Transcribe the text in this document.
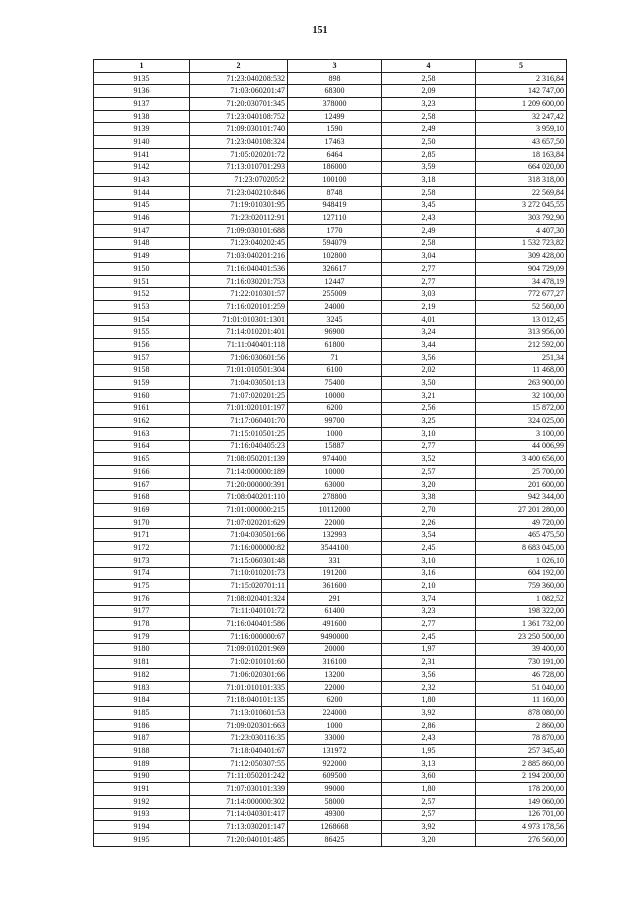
151
1	2	3	4	5
9135	71:23:040208:532	898	2,58	2 316,84
9136	71:03:060201:47	68300	2,09	142 747,00
9137	71:20:030701:345	378000	3,23	1 209 600,00
9138	71:23:040108:752	12499	2,58	32 247,42
9139	71:09:030101:740	1590	2,49	3 959,10
9140	71:23:040108:324	17463	2,50	43 657,50
9141	71:05:020201:72	6464	2,85	18 163,84
9142	71:13:010701:293	186000	3,59	664 020,00
9143	71:23:070205:2	100100	3,18	318 318,00
9144	71:23:040210:846	8748	2,58	22 569,84
9145	71:19:010301:95	948419	3,45	3 272 045,55
9146	71:23:020112:91	127110	2,43	303 792,90
9147	71:09:030101:688	1770	2,49	4 407,30
9148	71:23:040202:45	594079	2,58	1 532 723,82
9149	71:03:040201:216	102800	3,04	309 428,00
9150	71:16:040401:536	326617	2,77	904 729,09
9151	71:16:030201:753	12447	2,77	34 478,19
9152	71:22:010301:57	255009	3,03	772 677,27
9153	71:16:020101:259	24000	2,19	52 560,00
9154	71:01:010301:1301	3245	4,01	13 012,45
9155	71:14:010201:401	96900	3,24	313 956,00
9156	71:11:040401:118	61800	3,44	212 592,00
9157	71:06:030601:56	71	3,56	251,34
9158	71:01:010501:304	6100	2,02	11 468,00
9159	71:04:030501:13	75400	3,50	263 900,00
9160	71:07:020201:25	10000	3,21	32 100,00
9161	71:01:020101:197	6200	2,56	15 872,00
9162	71:17:060401:70	99700	3,25	324 025,00
9163	71:15:010501:25	1000	3,10	3 100,00
9164	71:16:040405:23	15887	2,77	44 006,99
9165	71:08:050201:139	974400	3,52	3 400 656,00
9166	71:14:000000:189	10000	2,57	25 700,00
9167	71:20:000000:391	63000	3,20	201 600,00
9168	71:08:040201:110	278800	3,38	942 344,00
9169	71:01:000000:215	10112000	2,70	27 201 280,00
9170	71:07:020201:629	22000	2,26	49 720,00
9171	71:04:030501:66	132993	3,54	465 475,50
9172	71:16:000000:82	3544100	2,45	8 683 045,00
9173	71:15:060301:48	331	3,10	1 026,10
9174	71:10:010201:73	191200	3,16	604 192,00
9175	71:15:020701:11	361600	2,10	759 360,00
9176	71:08:020401:324	291	3,74	1 082,52
9177	71:11:040101:72	61400	3,23	198 322,00
9178	71:16:040401:586	491600	2,77	1 361 732,00
9179	71:16:000000:67	9490000	2,45	23 250 500,00
9180	71:09:010201:969	20000	1,97	39 400,00
9181	71:02:010101:60	316100	2,31	730 191,00
9182	71:06:020301:66	13200	3,56	46 728,00
9183	71:01:010101:335	22000	2,32	51 040,00
9184	71:18:040101:135	6200	1,80	11 160,00
9185	71:13:010601:53	224000	3,92	878 080,00
9186	71:09:020301:663	1000	2,86	2 860,00
9187	71:23:030116:35	33000	2,43	78 870,00
9188	71:18:040401:67	131972	1,95	257 345,40
9189	71:12:050307:55	922000	3,13	2 885 860,00
9190	71:11:050201:242	609500	3,60	2 194 200,00
9191	71:07:030101:339	99000	1,80	178 200,00
9192	71:14:000000:302	58000	2,57	149 060,00
9193	71:14:040301:417	49300	2,57	126 701,00
9194	71:13:030201:147	1268668	3,92	4 973 178,56
9195	71:20:040101:485	86425	3,20	276 560,00
